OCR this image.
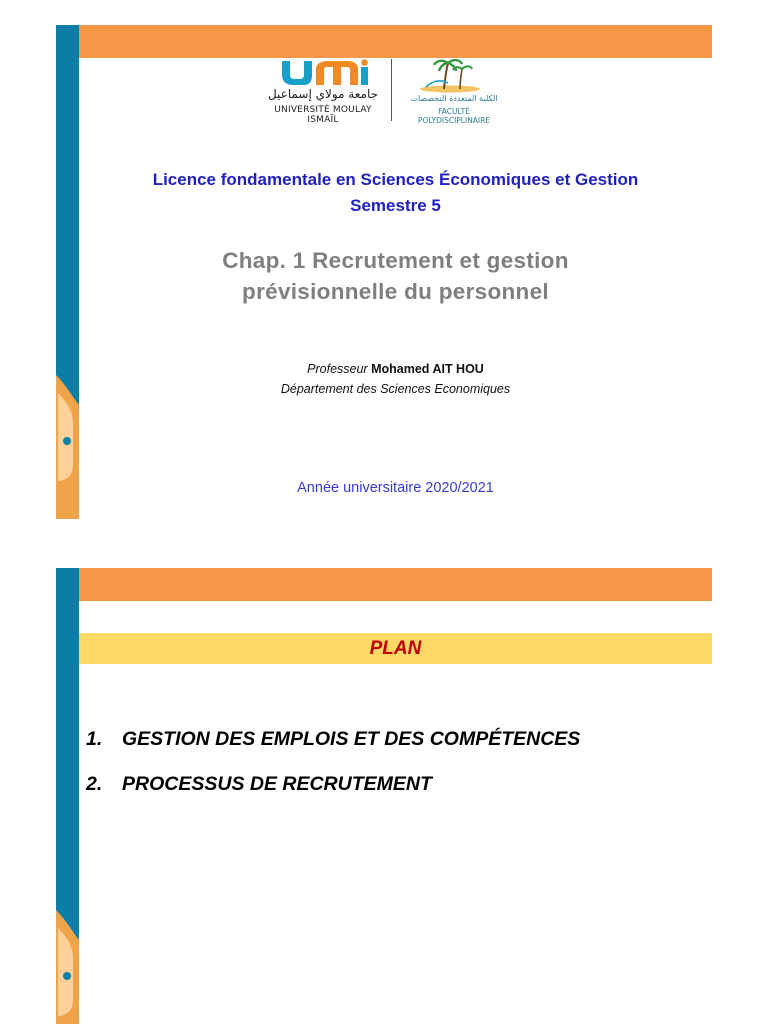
جامعة مولاي إسماعيل
UNIVERSITÉ MOULAY ISMAÏL
الكلية المتعددة التخصصات
FACULTÉ POLYDISCIPLINAIRE
Licence fondamentale en Sciences Économiques et Gestion
Semestre 5
Chap. 1 Recrutement et gestion
prévisionnelle du personnel
Professeur Mohamed AIT HOU
Département des Sciences Economiques
Année universitaire 2020/2021
PLAN
1. GESTION DES EMPLOIS ET DES COMPÉTENCES
2. PROCESSUS DE RECRUTEMENT
